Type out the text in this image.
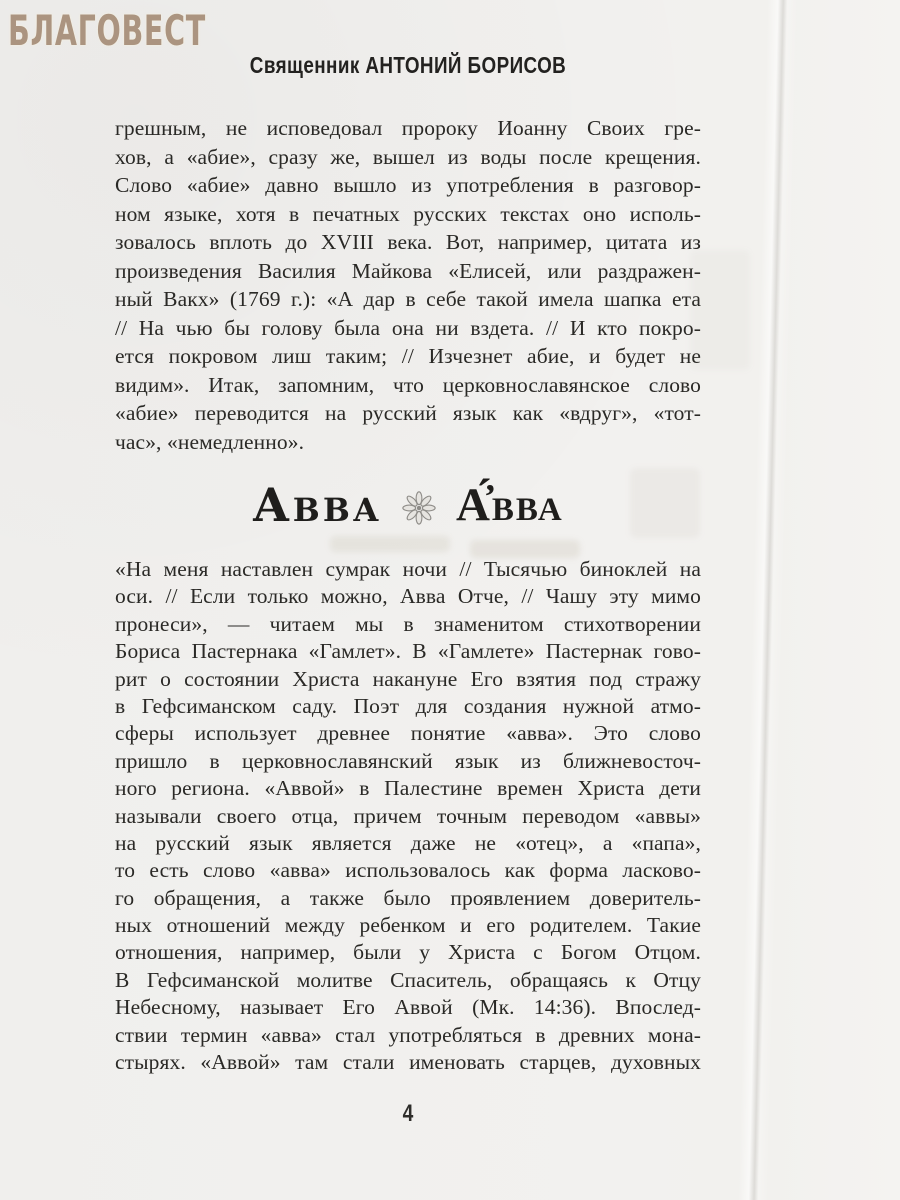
БЛАГОВЕСТ
Священник АНТОНИЙ БОРИСОВ
грешным, не исповедовал пророку Иоанну Своих гре-
хов, а «абие», сразу же, вышел из воды после крещения.
Слово «абие» давно вышло из употребления в разговор-
ном языке, хотя в печатных русских текстах оно исполь-
зовалось вплоть до XVIII века. Вот, например, цитата из
произведения Василия Майкова «Елисей, или раздражен-
ный Вакх» (1769 г.): «А дар в себе такой имела шапка ета
// На чью бы голову была она ни вздета. // И кто покро-
ется покровом лиш таким; // Изчезнет абие, и будет не
видим». Итак, запомним, что церковнославянское слово
«абие» переводится на русский язык как «вдруг», «тот-
час», «немедленно».
Авва А̓́вва
«На меня наставлен сумрак ночи // Тысячью биноклей на
оси. // Если только можно, Авва Отче, // Чашу эту мимо
пронеси», — читаем мы в знаменитом стихотворении
Бориса Пастернака «Гамлет». В «Гамлете» Пастернак гово-
рит о состоянии Христа накануне Его взятия под стражу
в Гефсиманском саду. Поэт для создания нужной атмо-
сферы использует древнее понятие «авва». Это слово
пришло в церковнославянский язык из ближневосточ-
ного региона. «Аввой» в Палестине времен Христа дети
называли своего отца, причем точным переводом «аввы»
на русский язык является даже не «отец», а «папа»,
то есть слово «авва» использовалось как форма ласково-
го обращения, а также было проявлением доверитель-
ных отношений между ребенком и его родителем. Такие
отношения, например, были у Христа с Богом Отцом.
В Гефсиманской молитве Спаситель, обращаясь к Отцу
Небесному, называет Его Аввой (Мк. 14:36). Впослед-
ствии термин «авва» стал употребляться в древних мона-
стырях. «Аввой» там стали именовать старцев, духовных
4
